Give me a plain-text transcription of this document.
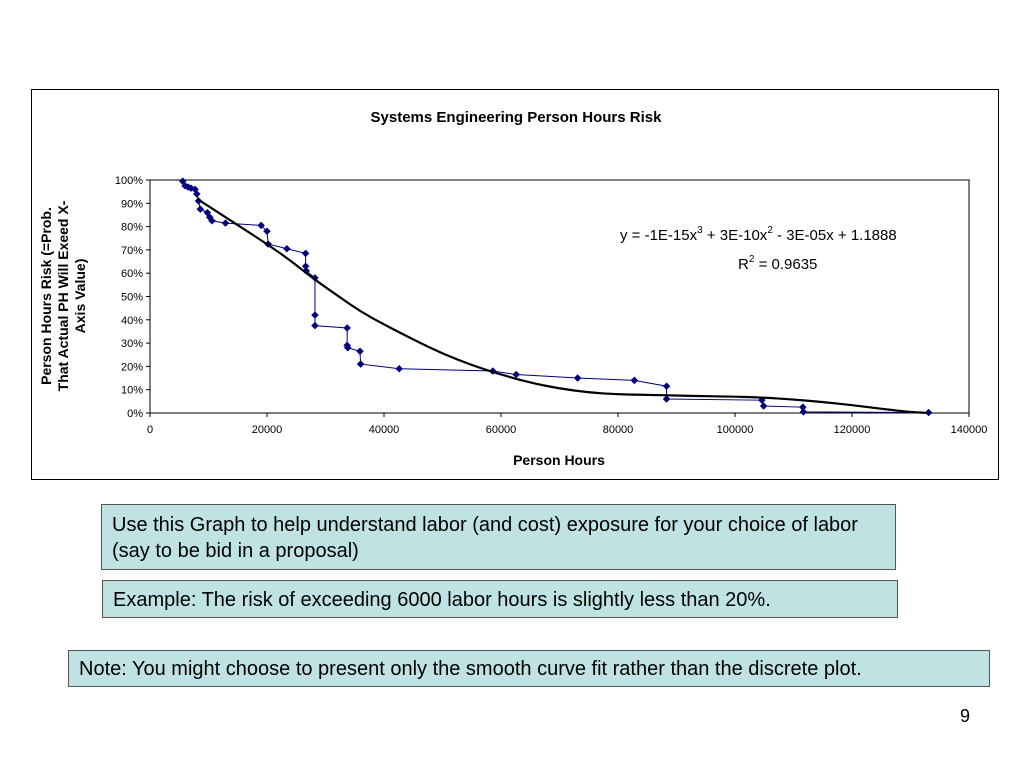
Systems Engineering Person Hours Risk
0%
10%
20%
30%
40%
50%
60%
70%
80%
90%
100%
0	20000	40000	60000	80000	100000	120000	140000
Person Hours
Person Hours Risk (=Prob. That Actual PH Will Exeed X- Axis Value)
$y = -1E-15x^3 + 3E-10x^2 - 3E-05x + 1.1888$
$R^2 = 0.9635$
Use this Graph to help understand labor (and cost) exposure for your choice of labor (say to be bid in a proposal)
Example: The risk of exceeding 6000 labor hours is slightly less than 20%.
Note: You might choose to present only the smooth curve fit rather than the discrete plot.
9
